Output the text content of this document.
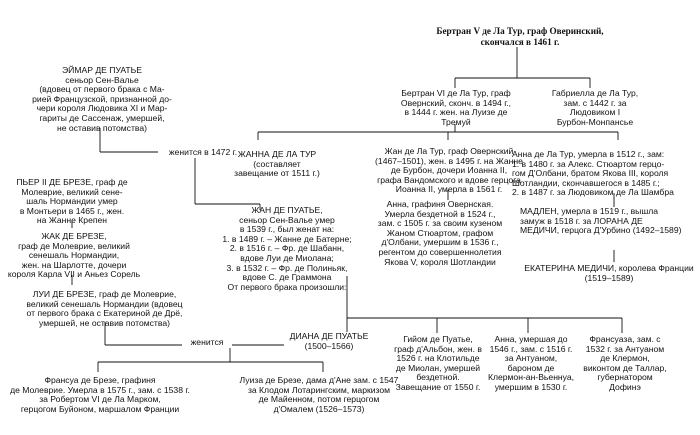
Бертран V де Ла Тур, граф Оверинский,
скончался в 1461 г.
Бертран VI де Ла Тур, граф
Овернский, сконч. в 1494 г.,
в 1444 г. жен. на Луизе де
Тремуй
Габриелла де Ла Тур,
зам. с 1442 г. за Людовиком I
Бурбон-Монпансье
ЭЙМАР ДЕ ПУАТЬЕ
сеньор Сен-Валье
(вдовец от первого брака с Ма-
рией Французской, признанной до-
чери короля Людовика XI и Мар-
гариты де Сассенаж, умершей,
не оставив потомства)
женится в 1472 г. ЖАННА ДЕ ЛА ТУР
(составляет
завещание от 1511 г.)
Жан де Ла Тур, граф Овернский
(1467–1501), жен. в 1495 г. на Жанне
де Бурбон, дочери Иоанна II,
графа Вандомского и вдове герцога
Иоанна II, умерла в 1561 г.
Анна де Ла Тур, умерла в 1512 г., зам:
1. в 1480 г. за Алекс. Стюартом герцо-
гом Д'Олбани, братом Якова III, короля
Шотландии, скончавшегося в 1485 г.;
2. в 1487 г. за Людовиком де Ла Шамбра
ПЬЕР II ДЕ БРЕЗЕ, граф де
Молеврие, великий сене-
шаль Нормандии умер
в Монтьери в 1465 г., жен.
на Жанне Крепен
ЖАН ДЕ ПУАТЬЕ,
сеньор Сен-Валье умер
в 1539 г., был женат на:
1. в 1489 г. – Жанне де Батерне;
2. в 1516 г. – Фр. де Шабанн,
вдове Луи де Миолана;
3. в 1532 г. – Фр. де Полиньяк,
вдове С. де Граммона
От первого брака произошли:
Анна, графиня Овернская.
Умерла бездетной в 1524 г.,
зам. с 1505 г. за своим кузеном
Жаном Стюартом, графом
д'Олбани, умершим в 1536 г.,
регентом до совершеннолетия
Якова V, короля Шотландии
МАДЛЕН, умерла в 1519 г., вышла
замуж в 1518 г. за ЛОРАНА ДЕ
МЕДИЧИ, герцога Д'Урбино (1492–1589)
ЖАК ДЕ БРЕЗЕ,
граф де Молеврие, великий
сенешаль Нормандии,
жен. на Шарлотте, дочери
короля Карла VII и Аньез Сорель
ЕКАТЕРИНА МЕДИЧИ, королева Франции
(1519–1589)
ЛУИ ДЕ БРЕЗЕ, граф де Молеврие,
великий сенешаль Нормандии (вдовец
от первого брака с Екатериной де Дрё,
умершей, не оставив потомства)
женится
ДИАНА ДЕ ПУАТЬЕ
(1500–1566)
Гийом де Пуатье,
граф д'Альбон, жен. в
1526 г. на Клотильде
де Миолан, умершей
бездетной.
Завещание от 1550 г.
Анна, умершая до
1546 г., зам. с 1516 г.
за Антуаном,
бароном де
Клермон-ан-Вьеннуа,
умершим в 1530 г.
Франсуаза, зам. с
1532 г. за Антуаном
де Клермон,
виконтом де Таллар,
губернатором
Дофинэ
Франсуа де Брезе, графиня
де Молеврие. Умерла в 1575 г., зам. с 1538 г.
за Робертом VI де Ла Марком,
герцогом Буйоном, маршалом Франции
Луиза де Брезе, дама д'Ане зам. с 1547
за Клодом Лотарингским, маркизом
де Майенном, потом герцогом
д'Омалем (1526–1573)
